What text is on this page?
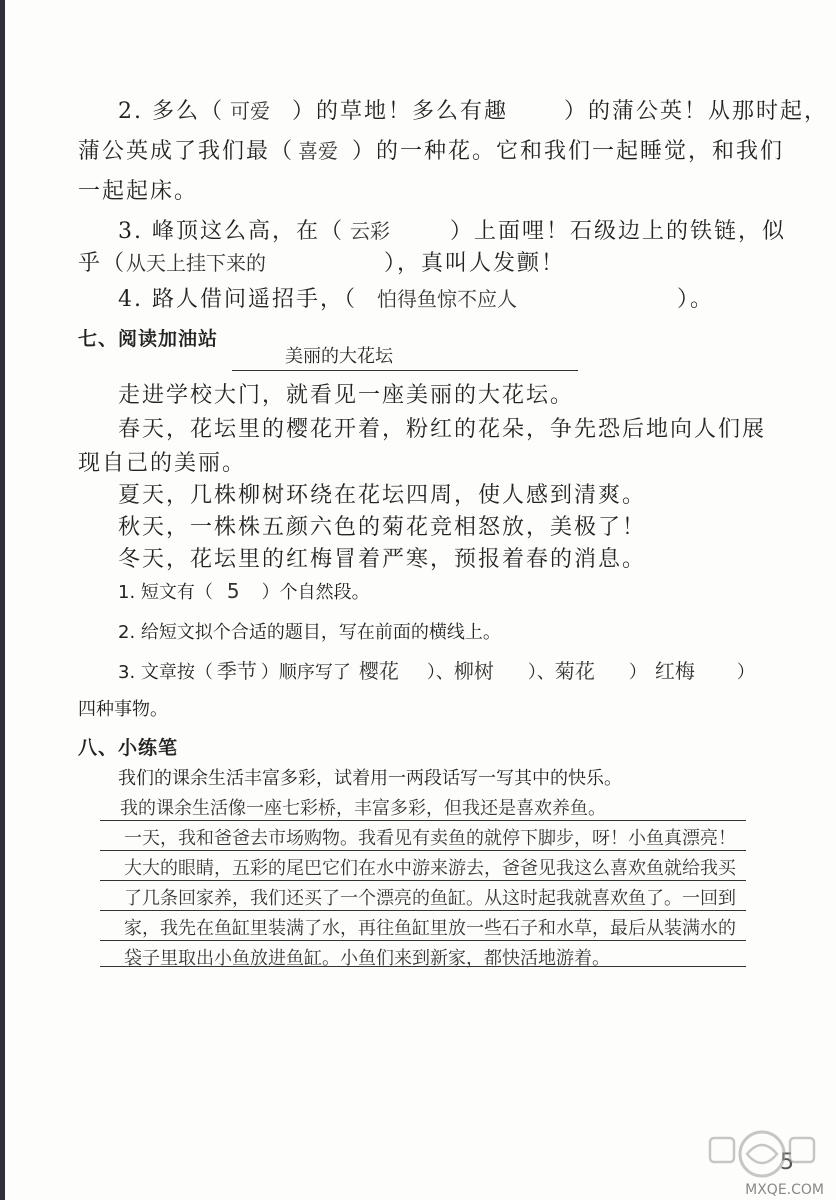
2. 多么（ 可爱 ）的草地！多么有趣	）的蒲公英！从那时起，
蒲公英成了我们最（ 喜爱 ）的一种花。它和我们一起睡觉，和我们
一起起床。
3. 峰顶这么高，在（ 云彩	）上面哩！石级边上的铁链，似
乎（从天上挂下来的	），真叫人发颤！
4. 路人借问遥招手，（ 怕得鱼惊不应人	）。
七、阅读加油站
美丽的大花坛
走进学校大门，就看见一座美丽的大花坛。
春天，花坛里的樱花开着，粉红的花朵，争先恐后地向人们展
现自己的美丽。
夏天，几株柳树环绕在花坛四周，使人感到清爽。
秋天，一株株五颜六色的菊花竞相怒放，美极了！
冬天，花坛里的红梅冒着严寒，预报着春的消息。
1. 短文有（ 5 ）个自然段。
2. 给短文拟个合适的题目，写在前面的横线上。
3. 文章按（ 季节 ）顺序写了 樱花 ）、柳树 ）、菊花 ） 红梅 ）
四种事物。
八、小练笔
我们的课余生活丰富多彩，试着用一两段话写一写其中的快乐。
我的课余生活像一座七彩桥，丰富多彩，但我还是喜欢养鱼。
一天，我和爸爸去市场购物。我看见有卖鱼的就停下脚步，呀！小鱼真漂亮！
大大的眼睛，五彩的尾巴它们在水中游来游去，爸爸见我这么喜欢鱼就给我买
了几条回家养，我们还买了一个漂亮的鱼缸。从这时起我就喜欢鱼了。一回到
家，我先在鱼缸里装满了水，再往鱼缸里放一些石子和水草，最后从装满水的
袋子里取出小鱼放进鱼缸。小鱼们来到新家，都快活地游着。
5
MXQE.COM
